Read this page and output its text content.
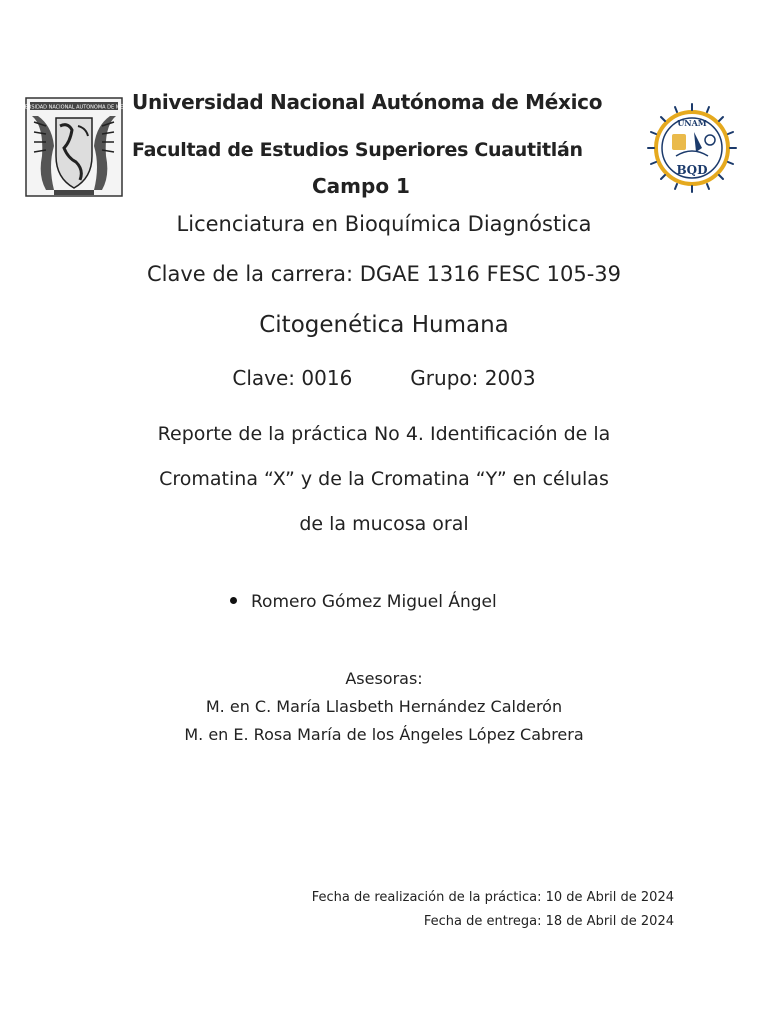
UNIVERSIDAD NACIONAL AUTONOMA DE MEXICO
UNAM
BQD
Universidad Nacional Autónoma de México
Facultad de Estudios Superiores Cuautitlán
Campo 1
Licenciatura en Bioquímica Diagnóstica
Clave de la carrera: DGAE 1316 FESC 105-39
Citogenética Humana
Clave: 0016	Grupo: 2003
Reporte de la práctica No 4. Identificación de la
Cromatina “X” y de la Cromatina “Y” en células
de la mucosa oral
Romero Gómez Miguel Ángel
Asesoras:
M. en C. María Llasbeth Hernández Calderón
M. en E. Rosa María de los Ángeles López Cabrera
Fecha de realización de la práctica: 10 de Abril de 2024
Fecha de entrega: 18 de Abril de 2024
